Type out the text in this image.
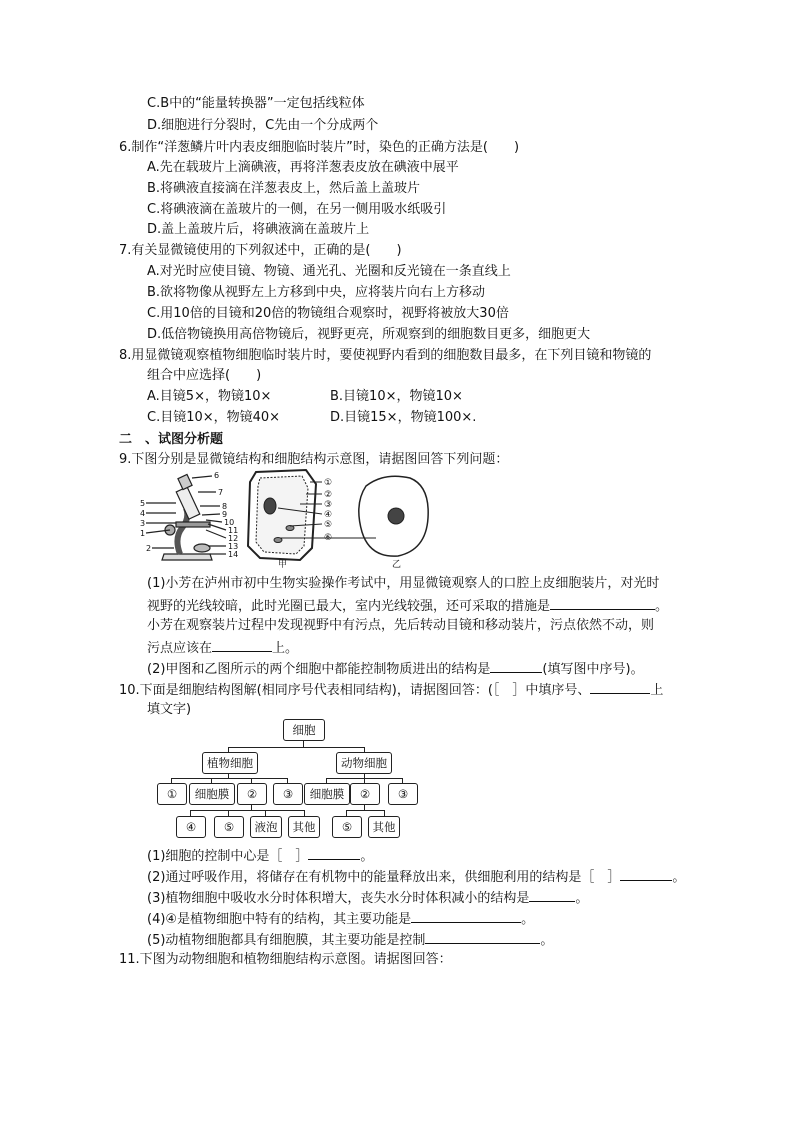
C.B中的“能量转换器”一定包括线粒体
D.细胞进行分裂时，C先由一个分成两个
6.制作“洋葱鳞片叶内表皮细胞临时装片”时，染色的正确方法是(　　)
A.先在载玻片上滴碘液，再将洋葱表皮放在碘液中展平
B.将碘液直接滴在洋葱表皮上，然后盖上盖玻片
C.将碘液滴在盖玻片的一侧，在另一侧用吸水纸吸引
D.盖上盖玻片后，将碘液滴在盖玻片上
7.有关显微镜使用的下列叙述中，正确的是(　　)
A.对光时应使目镜、物镜、通光孔、光圈和反光镜在一条直线上
B.欲将物像从视野左上方移到中央，应将装片向右上方移动
C.用10倍的目镜和20倍的物镜组合观察时，视野将被放大30倍
D.低倍物镜换用高倍物镜后，视野更亮，所观察到的细胞数目更多，细胞更大
8.用显微镜观察植物细胞临时装片时，要使视野内看到的细胞数目最多，在下列目镜和物镜的
组合中应选择(　　)
A.目镜5×，物镜10×	B.目镜10×，物镜10×
C.目镜10×，物镜40×	D.目镜15×，物镜100×.
二　、试图分析题
9.下图分别是显微镜结构和细胞结构示意图，请据图回答下列问题：
5
4
3
1
2
6
7
8
9
10
11
12
13
14
①
②
③
④
⑤
⑥
甲	乙
(1)小芳在泸州市初中生物实验操作考试中，用显微镜观察人的口腔上皮细胞装片，对光时
视野的光线较暗，此时光圈已最大，室内光线较强，还可采取的措施是	。
小芳在观察装片过程中发现视野中有污点，先后转动目镜和移动装片，污点依然不动，则
污点应该在	上。
(2)甲图和乙图所示的两个细胞中都能控制物质进出的结构是	(填写图中序号)。
10.下面是细胞结构图解(相同序号代表相同结构)，请据图回答：(［　］中填序号、	上
填文字)
细胞
植物细胞	动物细胞
①	细胞膜	②	③	细胞膜	②	③
④	⑤	液泡	其他	⑤	其他
(1)细胞的控制中心是［　］	。
(2)通过呼吸作用，将储存在有机物中的能量释放出来，供细胞利用的结构是［　］	。
(3)植物细胞中吸收水分时体积增大，丧失水分时体积减小的结构是	。
(4)④是植物细胞中特有的结构，其主要功能是	。
(5)动植物细胞都具有细胞膜，其主要功能是控制	。
11.下图为动物细胞和植物细胞结构示意图。请据图回答：
